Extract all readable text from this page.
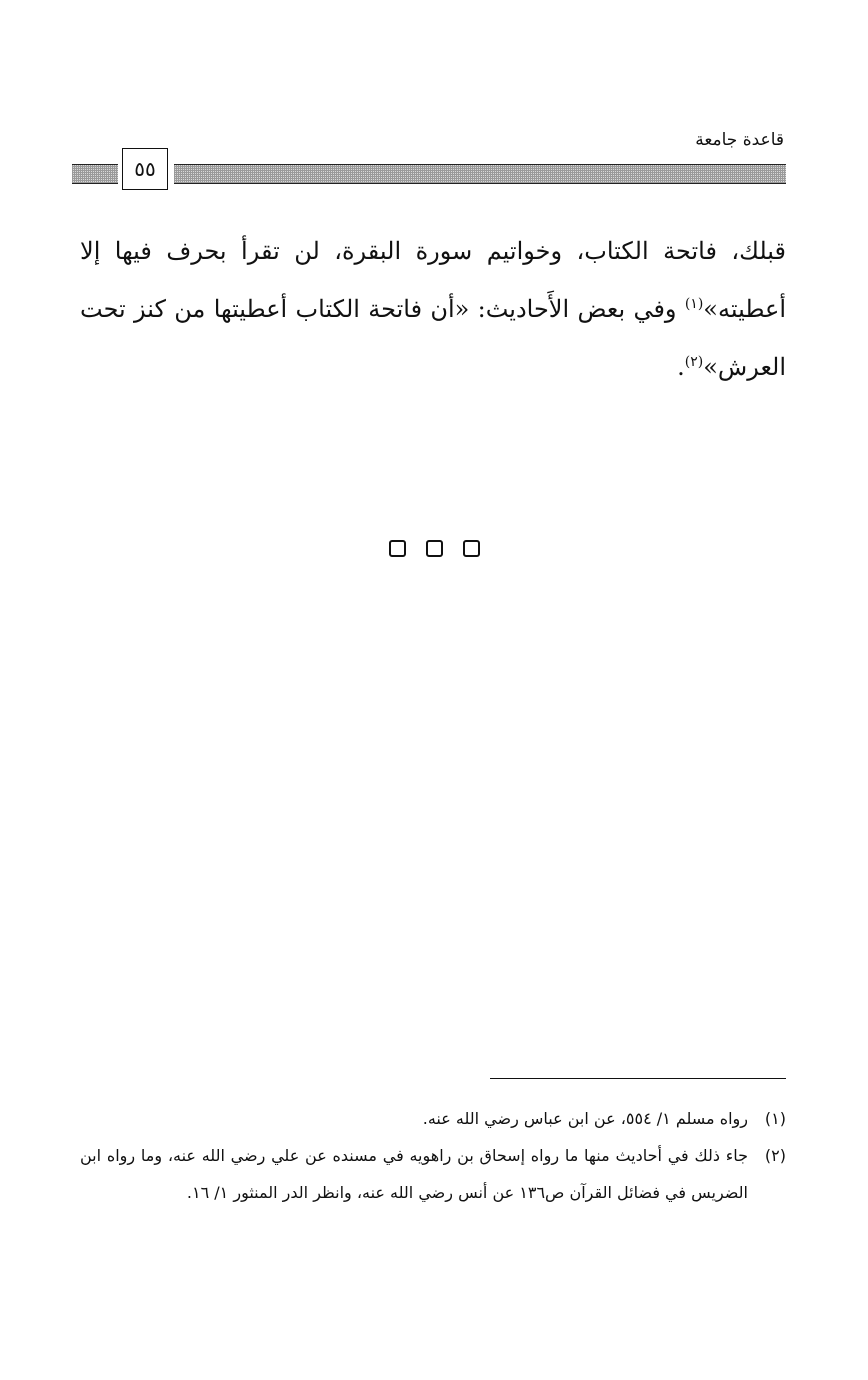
قاعدة جامعة
٥٥

قبلك، فاتحة الكتاب، وخواتيم سورة البقرة، لن تقرأ بحرف فيها إلا أعطيته»$^{(١)}$ وفي بعض الأَحاديث: «أن فاتحة الكتاب أعطيتها من كنز تحت العرش»$^{(٢)}$.

(١)
رواه مسلم ١/ ٥٥٤، عن ابن عباس رضي الله عنه.
(٢)
جاء ذلك في أحاديث منها ما رواه إسحاق بن راهويه في مسنده عن علي رضي الله عنه، وما رواه ابن الضريس في فضائل القرآن ص١٣٦ عن أنس رضي الله عنه، وانظر الدر المنثور ١/ ١٦.
